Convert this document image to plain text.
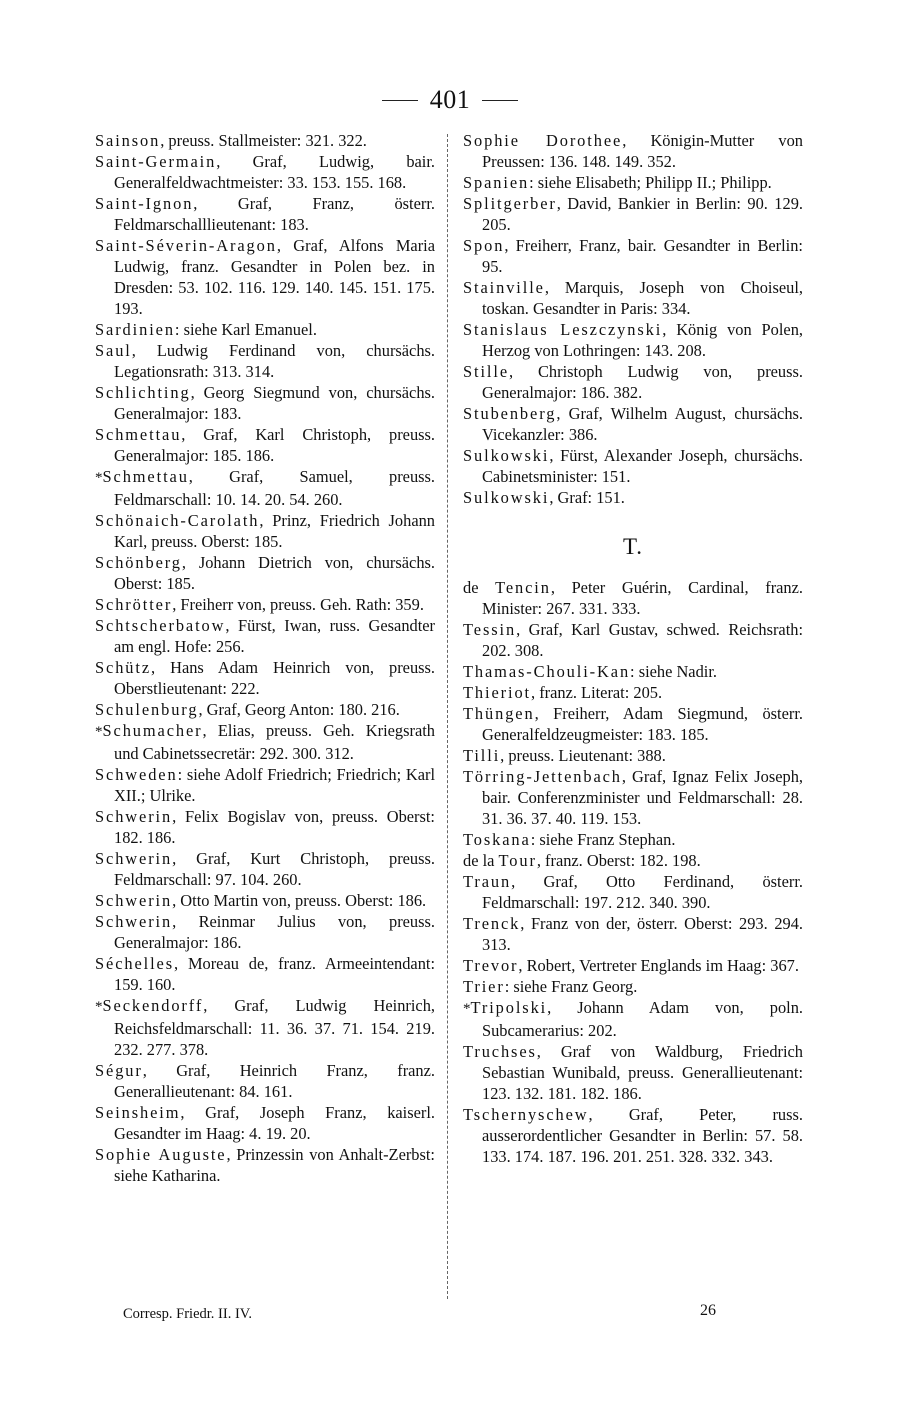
401

Sainson, preuss. Stallmeister: 321. 322.

Saint-Germain, Graf, Ludwig, bair. Generalfeldwachtmeister: 33. 153. 155. 168.

Saint-Ignon, Graf, Franz, österr. Feldmarschalllieutenant: 183.

Saint-Séverin-Aragon, Graf, Alfons Maria Ludwig, franz. Gesandter in Polen bez. in Dresden: 53. 102. 116. 129. 140. 145. 151. 175. 193.

Sardinien: siehe Karl Emanuel.

Saul, Ludwig Ferdinand von, chursächs. Legationsrath: 313. 314.

Schlichting, Georg Siegmund von, chursächs. Generalmajor: 183.

Schmettau, Graf, Karl Christoph, preuss. Generalmajor: 185. 186.

*Schmettau, Graf, Samuel, preuss. Feldmarschall: 10. 14. 20. 54. 260.

Schönaich-Carolath, Prinz, Friedrich Johann Karl, preuss. Oberst: 185.

Schönberg, Johann Dietrich von, chursächs. Oberst: 185.

Schrötter, Freiherr von, preuss. Geh. Rath: 359.

Schtscherbatow, Fürst, Iwan, russ. Gesandter am engl. Hofe: 256.

Schütz, Hans Adam Heinrich von, preuss. Oberstlieutenant: 222.

Schulenburg, Graf, Georg Anton: 180. 216.

*Schumacher, Elias, preuss. Geh. Kriegsrath und Cabinetssecretär: 292. 300. 312.

Schweden: siehe Adolf Friedrich; Friedrich; Karl XII.; Ulrike.

Schwerin, Felix Bogislav von, preuss. Oberst: 182. 186.

Schwerin, Graf, Kurt Christoph, preuss. Feldmarschall: 97. 104. 260.

Schwerin, Otto Martin von, preuss. Oberst: 186.

Schwerin, Reinmar Julius von, preuss. Generalmajor: 186.

Séchelles, Moreau de, franz. Armeeintendant: 159. 160.

*Seckendorff, Graf, Ludwig Heinrich, Reichsfeldmarschall: 11. 36. 37. 71. 154. 219. 232. 277. 378.

Ségur, Graf, Heinrich Franz, franz. Generallieutenant: 84. 161.

Seinsheim, Graf, Joseph Franz, kaiserl. Gesandter im Haag: 4. 19. 20.

Sophie Auguste, Prinzessin von Anhalt-Zerbst: siehe Katharina.

Sophie Dorothee, Königin-Mutter von Preussen: 136. 148. 149. 352.

Spanien: siehe Elisabeth; Philipp II.; Philipp.

Splitgerber, David, Bankier in Berlin: 90. 129. 205.

Spon, Freiherr, Franz, bair. Gesandter in Berlin: 95.

Stainville, Marquis, Joseph von Choiseul, toskan. Gesandter in Paris: 334.

Stanislaus Leszczynski, König von Polen, Herzog von Lothringen: 143. 208.

Stille, Christoph Ludwig von, preuss. Generalmajor: 186. 382.

Stubenberg, Graf, Wilhelm August, chursächs. Vicekanzler: 386.

Sulkowski, Fürst, Alexander Joseph, chursächs. Cabinetsminister: 151.

Sulkowski, Graf: 151.

T.

de Tencin, Peter Guérin, Cardinal, franz. Minister: 267. 331. 333.

Tessin, Graf, Karl Gustav, schwed. Reichsrath: 202. 308.

Thamas-Chouli-Kan: siehe Nadir.

Thieriot, franz. Literat: 205.

Thüngen, Freiherr, Adam Siegmund, österr. Generalfeldzeugmeister: 183. 185.

Tilli, preuss. Lieutenant: 388.

Törring-Jettenbach, Graf, Ignaz Felix Joseph, bair. Conferenzminister und Feldmarschall: 28. 31. 36. 37. 40. 119. 153.

Toskana: siehe Franz Stephan.

de la Tour, franz. Oberst: 182. 198.

Traun, Graf, Otto Ferdinand, österr. Feldmarschall: 197. 212. 340. 390.

Trenck, Franz von der, österr. Oberst: 293. 294. 313.

Trevor, Robert, Vertreter Englands im Haag: 367.

Trier: siehe Franz Georg.

*Tripolski, Johann Adam von, poln. Subcamerarius: 202.

Truchses, Graf von Waldburg, Friedrich Sebastian Wunibald, preuss. Generallieutenant: 123. 132. 181. 182. 186.

Tschernyschew, Graf, Peter, russ. ausserordentlicher Gesandter in Berlin: 57. 58. 133. 174. 187. 196. 201. 251. 328. 332. 343.

Corresp. Friedr. II. IV.	26
